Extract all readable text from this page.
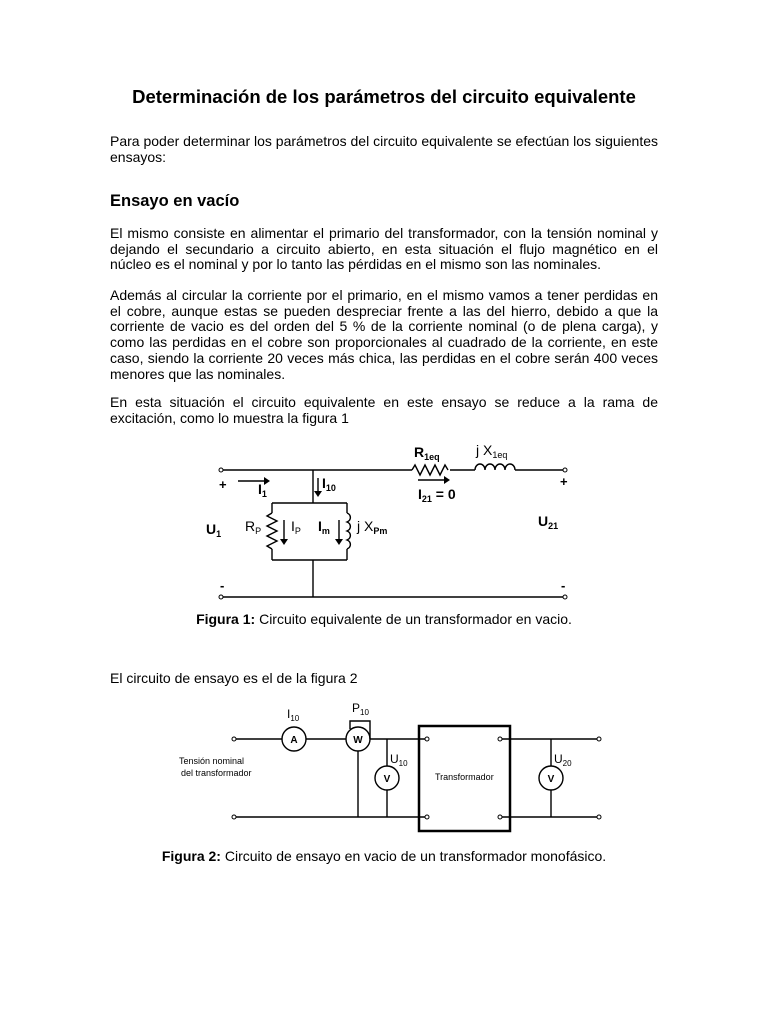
Determinación de los parámetros del circuito equivalente

Para poder determinar los parámetros del circuito equivalente se efectúan los siguientes ensayos:

Ensayo en vacío

El mismo consiste en alimentar el primario del transformador, con la tensión nominal y dejando el secundario a circuito abierto, en esta situación el flujo magnético en el núcleo es el nominal y por lo tanto las pérdidas en el mismo son las nominales.

Además al circular la corriente por el primario, en el mismo vamos a tener perdidas en el cobre, aunque estas se pueden despreciar frente a las del hierro, debido a que la corriente de vacio es del orden del 5 % de la corriente nominal (o de plena carga), y como las perdidas en el cobre son proporcionales al cuadrado de la corriente, en este caso, siendo la corriente 20 veces más chica, las perdidas en el cobre serán 400 veces menores que las nominales.

En esta situación el circuito equivalente en este ensayo se reduce a la rama de excitación, como lo muestra la figura 1

+
-
+
-
$R_{1eq}$	j $X_{1eq}$
$I_1$
$I_{10}$	$I_{21} = 0$
$U_1$
$U_{21}$
$R_P$ $I_P$ $I_m$ j $X_{Pm}$

Figura 1: Circuito equivalente de un transformador en vacio.

El circuito de ensayo es el de la figura 2

A	W
V	V
$I_{10}$
$P_{10}$
$U_{10}$	$U_{20}$
Tensión nominal
del transformador	Transformador

Figura 2: Circuito de ensayo en vacio de un transformador monofásico.
